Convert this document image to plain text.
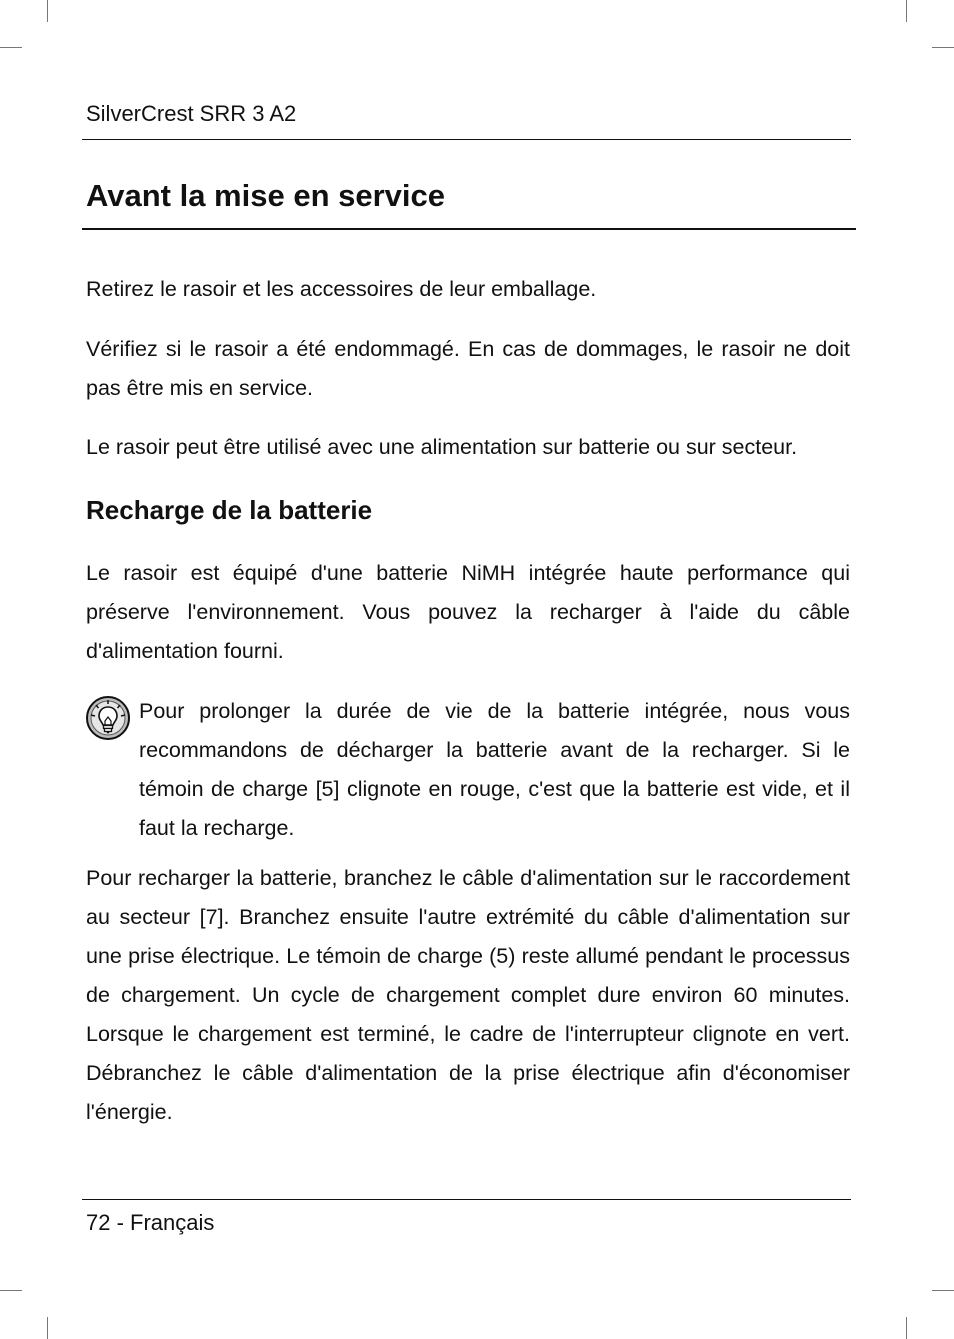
SilverCrest SRR 3 A2
Avant la mise en service

Retirez le rasoir et les accessoires de leur emballage.

Vérifiez si le rasoir a été endommagé. En cas de dommages, le rasoir ne doit pas être mis en service.

Le rasoir peut être utilisé avec une alimentation sur batterie ou sur secteur.

Recharge de la batterie

Le rasoir est équipé d'une batterie NiMH intégrée haute performance qui préserve l'environnement. Vous pouvez la recharger à l'aide du câble d'alimentation fourni.

Pour prolonger la durée de vie de la batterie intégrée, nous vous recommandons de décharger la batterie avant de la recharger. Si le témoin de charge [5] clignote en rouge, c'est que la batterie est vide, et il faut la recharge.

Pour recharger la batterie, branchez le câble d'alimentation sur le raccordement au secteur [7]. Branchez ensuite l'autre extrémité du câble d'alimentation sur une prise électrique. Le témoin de charge (5) reste allumé pendant le processus de chargement. Un cycle de chargement complet dure environ 60 minutes. Lorsque le chargement est terminé, le cadre de l'interrupteur clignote en vert. Débranchez le câble d'alimentation de la prise électrique afin d'économiser l'énergie.

72 - Français
